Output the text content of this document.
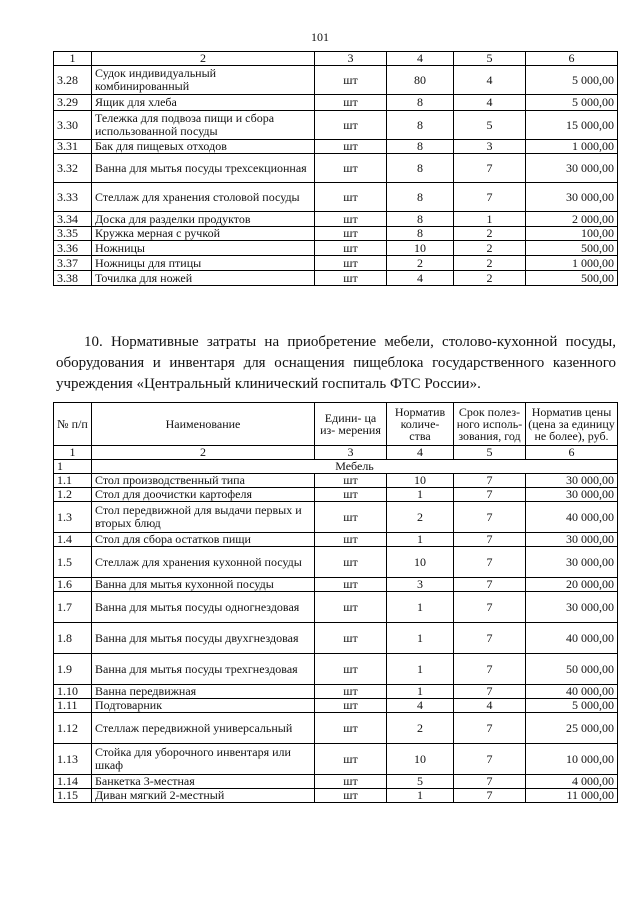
101
1	2	3	4	5	6
3.28	Судок индивидуальный комбинированный	шт	80	4	5 000,00
3.29	Ящик для хлеба	шт	8	4	5 000,00
3.30	Тележка для подвоза пищи и сбора использованной посуды	шт	8	5	15 000,00
3.31	Бак для пищевых отходов	шт	8	3	1 000,00
3.32	Ванна для мытья посуды трехсекционная	шт	8	7	30 000,00
3.33	Стеллаж для хранения столовой посуды	шт	8	7	30 000,00
3.34	Доска для разделки продуктов	шт	8	1	2 000,00
3.35	Кружка мерная с ручкой	шт	8	2	100,00
3.36	Ножницы	шт	10	2	500,00
3.37	Ножницы для птицы	шт	2	2	1 000,00
3.38	Точилка для ножей	шт	4	2	500,00
10. Нормативные затраты на приобретение мебели, столово-кухонной посуды, оборудования и инвентаря для оснащения пищеблока государственного казенного учреждения «Центральный клинический госпиталь ФТС России».
№ п/п	Наименование	Едини- ца из- мерения	Норматив количе- ства	Срок полез- ного исполь- зования, год	Норматив цены (цена за единицу не более), руб.
1	2	3	4	5	6
1	Мебель				
1.1	Стол производственный типа	шт	10	7	30 000,00
1.2	Стол для доочистки картофеля	шт	1	7	30 000,00
1.3	Стол передвижной для выдачи первых и вторых блюд	шт	2	7	40 000,00
1.4	Стол для сбора остатков пищи	шт	1	7	30 000,00
1.5	Стеллаж для хранения кухонной посуды	шт	10	7	30 000,00
1.6	Ванна для мытья кухонной посуды	шт	3	7	20 000,00
1.7	Ванна для мытья посуды одногнездовая	шт	1	7	30 000,00
1.8	Ванна для мытья посуды двухгнездовая	шт	1	7	40 000,00
1.9	Ванна для мытья посуды трехгнездовая	шт	1	7	50 000,00
1.10	Ванна передвижная	шт	1	7	40 000,00
1.11	Подтоварник	шт	4	4	5 000,00
1.12	Стеллаж передвижной универсальный	шт	2	7	25 000,00
1.13	Стойка для уборочного инвентаря или шкаф	шт	10	7	10 000,00
1.14	Банкетка 3-местная	шт	5	7	4 000,00
1.15	Диван мягкий 2-местный	шт	1	7	11 000,00
